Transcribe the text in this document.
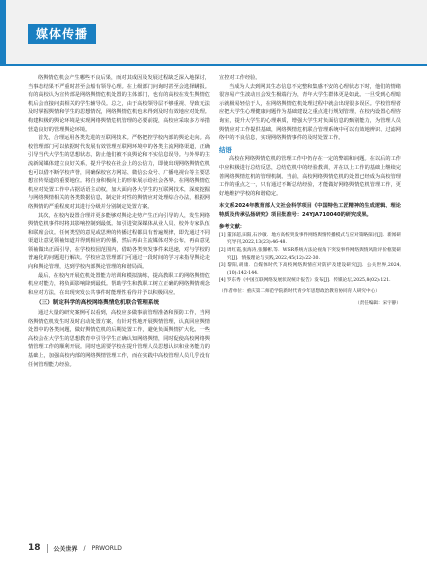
媒体传播

络舆情危机会产生哪些不良后果，而对其成因及发展过程缺乏深入地探讨，当事态结果不严重时甚至会船有领导心理。在上级部门问询时甚至会选择瞒报。有的高校认为宣传部是网络舆情危机处置的主体部门，也有的高校在发生舆情危机后会直接问责相关的学生辅导员。总之，由于高校领导层不够重视、导致无法及时掌握舆情和学生的思想情况，网络舆情危机也未得到及时有效地应对处理。构建积极的舆论环境是实现网络舆情危机管理的必要前提，高校应采取多方举措营造良好的管理舆论环境。

首先，合理运用各类先进的互联网技术。严格把控学校内部的舆论走向。高校管理部门可以依据时代发展有效管理互联网环境中的各类主流网络渠道，正确引导当代大学生的思想状态，防止他们被不良舆论和不实信息误导。与外界的主流新闻媒体建立良好关系，提升学校在社会上的公信力，即使出现网络舆情危机也可以借不断学校声誉，同确保校官方网站、微信公众号、广播电视台等主要思想宣传渠道的重要地位。将自身积极向上的形象展示给社会各界。在网络舆情危机应对处置工作中占据话语主动权，加大面向各大学生的互联网技术，深度挖掘与网络舆情相关的各类数据信息，制定针对性的舆情应对处理综合办法，根据网络舆情的严重程度对其进行分级并分别制定处置方案。

其次，在校内设置合理并更多能够对舆论走势产生正向引导的人，发生网络舆情危机事件时将其影响控制到最低。如引进资深媒体从业人员、校外专家队伍和联席会议。任何类型的意见或思辨的传播过程都具有普遍规律，即先通过不同渠道让意见领袖知道并得到相应的传播，然后再由主流媒体对外公布，再由意见领袖做出正面引导，在学校校园范围内，借助各类突发事件来迅速，对与学校的普遍化的问题进行解决。学校应急管理部门可通过一段时间的学习来指导舆论走向和舆论管理，达到学校内部舆论管理的和谐局面。

最后，在校内开展危机处置能力培训和模拟演练，提高教职工的网络舆情危机应对能力，将负面影响降到最低。帮助学生和教职工树立正确的网络舆情观念和应对方法，在出现突发公共事件时能理性看待并予以积极回应。

（三）制定科学的高校网络舆情危机联合管理系统

通过大量的研究案例可以看到，高校应多做事前管理准备和预防工作，当网络舆情危机发生时及时启动处置方案，有针对性地开展舆情管理，认真回应舆情处置中的各类问题，做好舆情危机的后期处置工作，避免负面舆情扩大化。一些高校会在大学生的思想教育中引导学生正确认知网络舆情，同时促使高校网络舆情管理工作的顺利开展。同时也需要学校在提升管理人员思想认识和业务能力的基础上，加强高校内部的网络舆情管理工作，而在实践中高校管理人员几乎没有任何管理能力经验。

宣控对工作经验。

当成为人去到网其生态信息不完整和集感不安的心理状态下时，他们的情绪很容易产生波动且会发生极端行为，青年大学生群体更是如此。一旦受到心理暗示就极易轻信于人，在网络舆情危机处理过程中就会出现很多误区。学校管理者应把大学生心理健康问题作为基础建设之重点进行规划管理，在校内设置心理咨询室，提升大学生的心理素质，增强大学生对负面信息的甄别能力，为管理人员舆情应对工作提供基础，网络舆情危机联合管理系统中可以有效地辨识、过滤网络中的不良信息，实现网络舆情事件的及时处置工作。

结语

高校在网络舆情危机的管理工作中仍存在一定的弊端和问题。在以后的工作中应积极进行总结反思，总结危机中的经验教训，并在以上工作的基础上继续完善网络舆情危机的管理机制。当前，高校网络舆情危机的处置已经成为高校管理工作的重点之一，只有通过不断总结经验，才能做好网络舆情危机管理工作，更好地维护学校的和谐稳定。

本文系2024年教育部人文社会科学项目《中国特色工匠精神的生成逻辑、理论特质及传承弘扬研究》项目批准号：24YJA710040的研究成果。
参考文献：
[1] 董泽超,田阳,石沙敏．地方高校突发事件网络舆情传播模式与应对策略探讨[J]．新闻研究导刊,2022,13(23):46-48.
[2] 周红霞,张海涛,张馨彬,等．WSR系统方法论视角下突发事件网络舆情风险评价框架研究[J]．情报理论与实践,2022,45(12):22-30.
[3] 黎阳,胡康．自媒体时代下高校网络舆情应对防护及建设研究[J]．公关世界,2024,(10):142-144.
[4] 罗东秀《中国互联网络发展状况统计报告》发布[J]．传媒论坛,2025,8(02):121.
（作者单位：重庆第二师范学院新时代青少年思想政治教育协同育人研究中心）
（责任编辑：宋宇静）
18 公关世界 / PRWORLD
